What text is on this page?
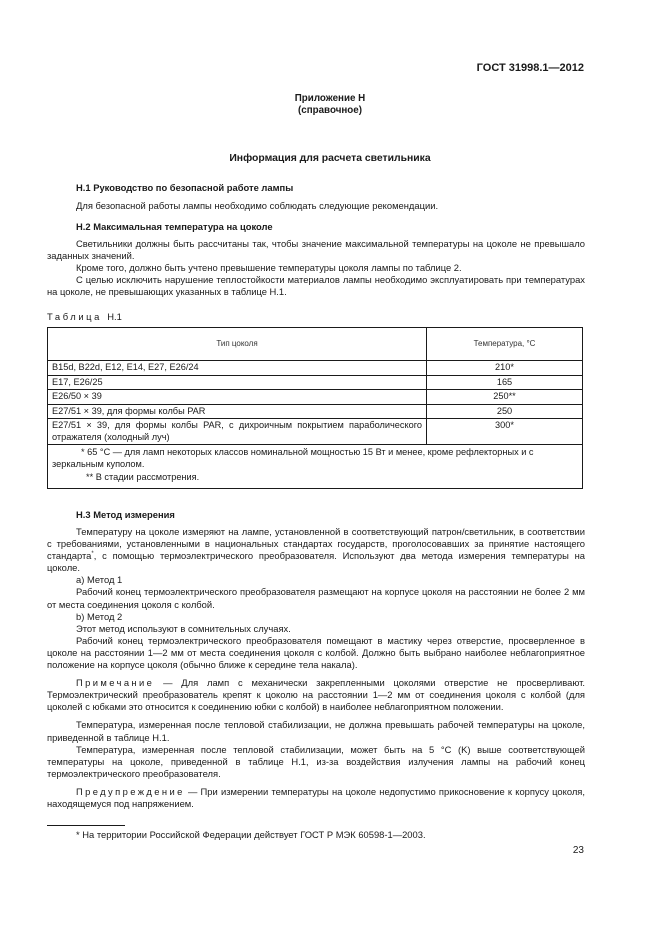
ГОСТ 31998.1—2012
Приложение Н
(справочное)
Информация для расчета светильника
Н.1 Руководство по безопасной работе лампы

Для безопасной работы лампы необходимо соблюдать следующие рекомендации.

Н.2 Максимальная температура на цоколе

Светильники должны быть рассчитаны так, чтобы значение максимальной температуры на цоколе не превышало заданных значений.

Кроме того, должно быть учтено превышение температуры цоколя лампы по таблице 2.

С целью исключить нарушение теплостойкости материалов лампы необходимо эксплуатировать при температурах на цоколе, не превышающих указанных в таблице Н.1.

Таблица Н.1
Тип цоколя	Температура, °С
B15d, B22d, E12, E14, E27, E26/24	210*
E17, E26/25	165
E26/50 × 39	250**
E27/51 × 39, для формы колбы PAR	250
E27/51 × 39, для формы колбы PAR, с дихроичным покрытием параболического отражателя (холодный луч)	300*

* 65 °С — для ламп некоторых классов номинальной мощностью 15 Вт и менее, кроме рефлекторных и с зеркальным куполом.
** В стадии рассмотрения.	
Н.3 Метод измерения

Температуру на цоколе измеряют на лампе, установленной в соответствующий патрон/светильник, в соответствии с требованиями, установленными в национальных стандартах государств, проголосовавших за принятие настоящего стандарта*, с помощью термоэлектрического преобразователя. Используют два метода измерения температуры на цоколе.

a) Метод 1

Рабочий конец термоэлектрического преобразователя размещают на корпусе цоколя на расстоянии не более 2 мм от места соединения цоколя с колбой.

b) Метод 2

Этот метод используют в сомнительных случаях.

Рабочий конец термоэлектрического преобразователя помещают в мастику через отверстие, просверленное в цоколе на расстоянии 1—2 мм от места соединения цоколя с колбой. Должно быть выбрано наиболее неблагоприятное положение на корпусе цоколя (обычно ближе к середине тела накала).

Примечание — Для ламп с механически закрепленными цоколями отверстие не просверливают. Термоэлектрический преобразователь крепят к цоколю на расстоянии 1—2 мм от соединения цоколя с колбой (для цоколей с юбками это относится к соединению юбки с колбой) в наиболее неблагоприятном положении.

Температура, измеренная после тепловой стабилизации, не должна превышать рабочей температуры на цоколе, приведенной в таблице Н.1.

Температура, измеренная после тепловой стабилизации, может быть на 5 °С (K) выше соответствующей температуры на цоколе, приведенной в таблице Н.1, из-за воздействия излучения лампы на рабочий конец термоэлектрического преобразователя.

Предупреждение — При измерении температуры на цоколе недопустимо прикосновение к корпусу цоколя, находящемуся под напряжением.

* На территории Российской Федерации действует ГОСТ Р МЭК 60598-1—2003.
23
